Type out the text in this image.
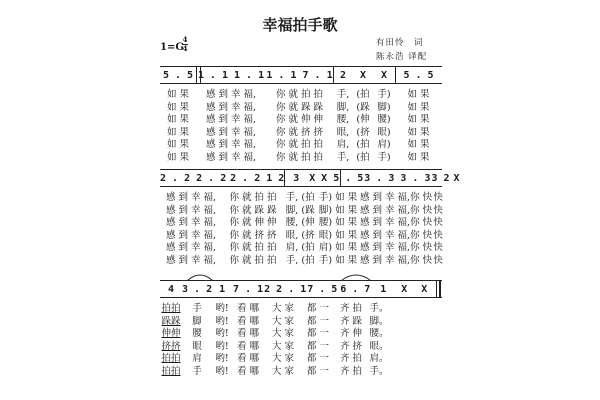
幸福拍手歌
有田怜　词
陈永浩 译配
1=G
4
4
5 . 5 1 . 1 1 . 1 1 . 1 7 . 1 2	X	X	5 . 5
如 果	感 到 幸 福,	你 就 拍 拍	手, (拍 手)	如 果
如 果	感 到 幸 福,	你 就 跺 跺	脚, (跺 脚)	如 果
如 果	感 到 幸 福,	你 就 伸 伸	腰, (伸 腰)	如 果
如 果	感 到 幸 福,	你 就 挤 挤	眼, (挤 眼)	如 果
如 果	感 到 幸 福,	你 就 拍 拍	肩, (拍 肩)	如 果
如 果	感 到 幸 福,	你 就 拍 拍	手, (拍 手)	如 果
2 . 2 2 . 2 2 . 2 1 2 3 X X 5 . 5 3 . 3 3 . 3 3 2 X
感 到 幸 福,	你 就 拍 拍 手, (拍 手) 如 果 感 到 幸 福, 你 快 快
感 到 幸 福,	你 就 跺 跺 脚, (跺 脚) 如 果 感 到 幸 福, 你 快 快
感 到 幸 福,	你 就 伸 伸 腰, (伸 腰) 如 果 感 到 幸 福, 你 快 快
感 到 幸 福,	你 就 挤 挤 眼, (挤 眼) 如 果 感 到 幸 福, 你 快 快
感 到 幸 福,	你 就 拍 拍 肩, (拍 肩) 如 果 感 到 幸 福, 你 快 快
感 到 幸 福,	你 就 拍 拍 手, (拍 手) 如 果 感 到 幸 福, 你 快 快
4 3 . 2 1 7 . 1 2 2 . 1 7 . 5 6 . 7 1	X	X
拍拍	手	哟! 看 哪	大 家	都 一	齐 拍 手。
跺跺	脚	哟! 看 哪	大 家	都 一	齐 跺 脚。
伸伸	腰	哟! 看 哪	大 家	都 一	齐 伸 腰。
挤挤	眼	哟! 看 哪	大 家	都 一	齐 挤 眼。
拍拍	肩	哟! 看 哪	大 家	都 一	齐 拍 肩。
拍拍	手	哟! 看 哪	大 家	都 一	齐 拍 手。
